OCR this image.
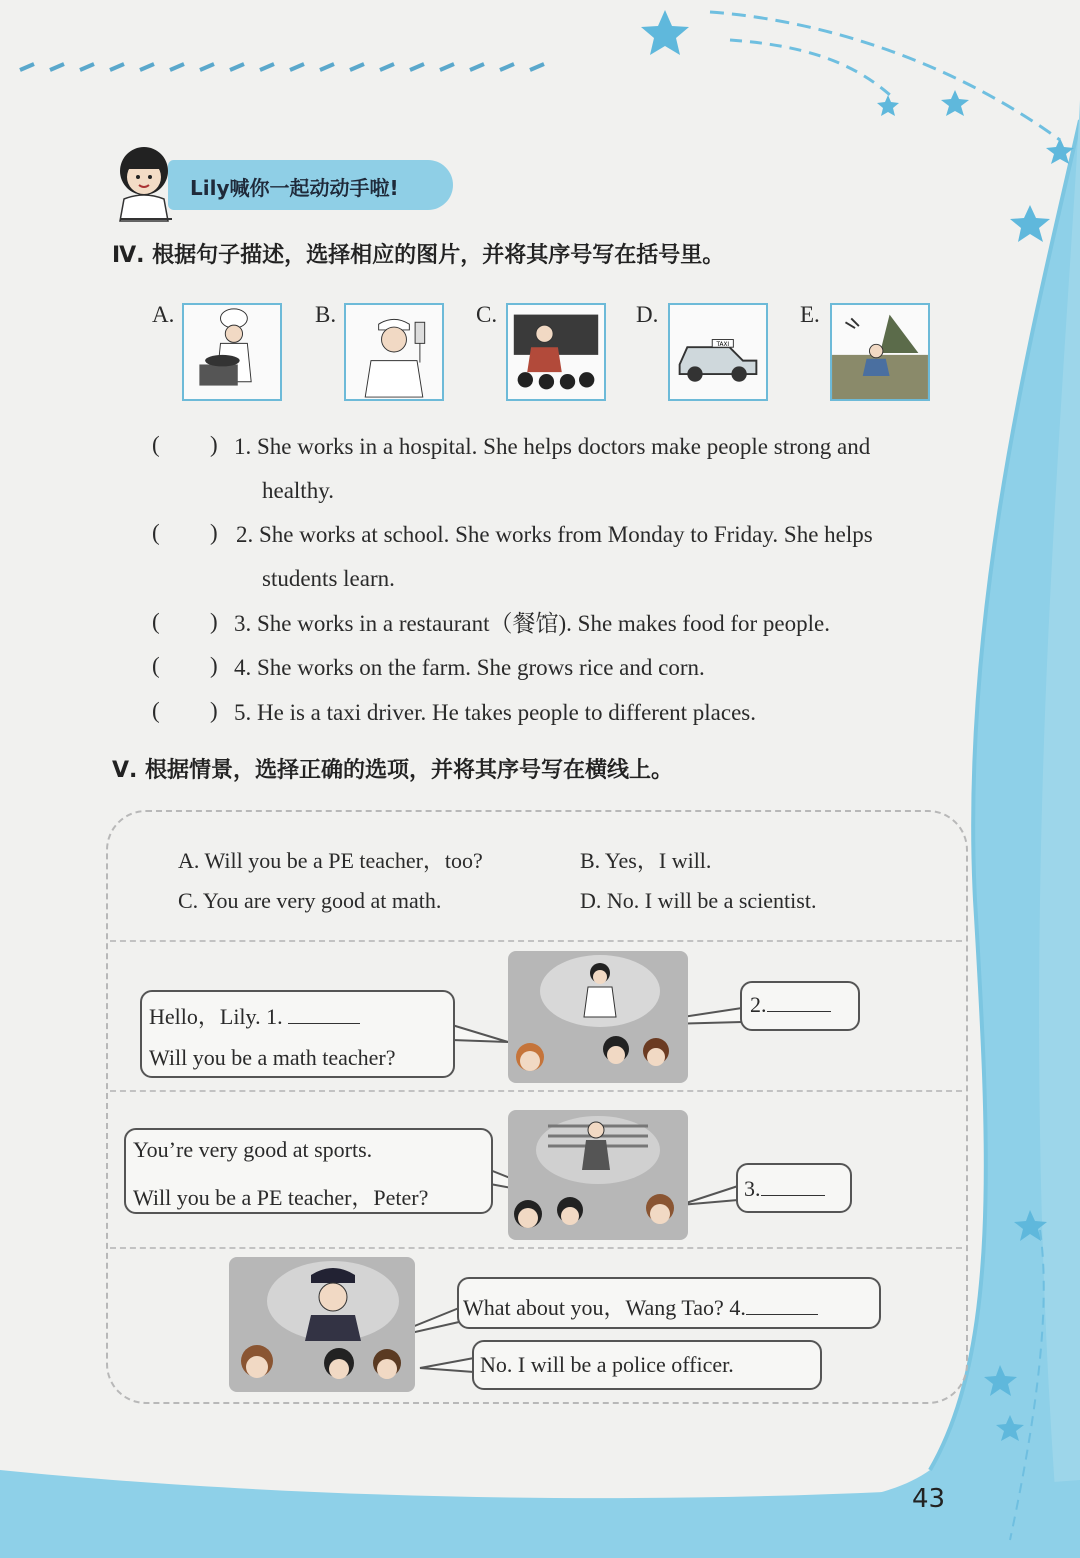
Lily喊你一起动动手啦!
Ⅳ. 根据句子描述，选择相应的图片，并将其序号写在括号里。
A.	B.	C.	D.
TAXI
E.
( ) 1. She works in a hospital. She helps doctors make people strong and
healthy.
( ) 2. She works at school. She works from Monday to Friday. She helps
students learn.
( ) 3. She works in a restaurant（餐馆). She makes food for people.
( ) 4. She works on the farm. She grows rice and corn.
( ) 5. He is a taxi driver. He takes people to different places.
Ⅴ. 根据情景，选择正确的选项，并将其序号写在横线上。
A. Will you be a PE teacher，too?	B. Yes，I will.
C. You are very good at math.	D. No. I will be a scientist.
Hello，Lily. 1.
Will you be a math teacher?
2.
You’re very good at sports.
Will you be a PE teacher，Peter?	3.
What about you，Wang Tao? 4.
No. I will be a police officer.
43
